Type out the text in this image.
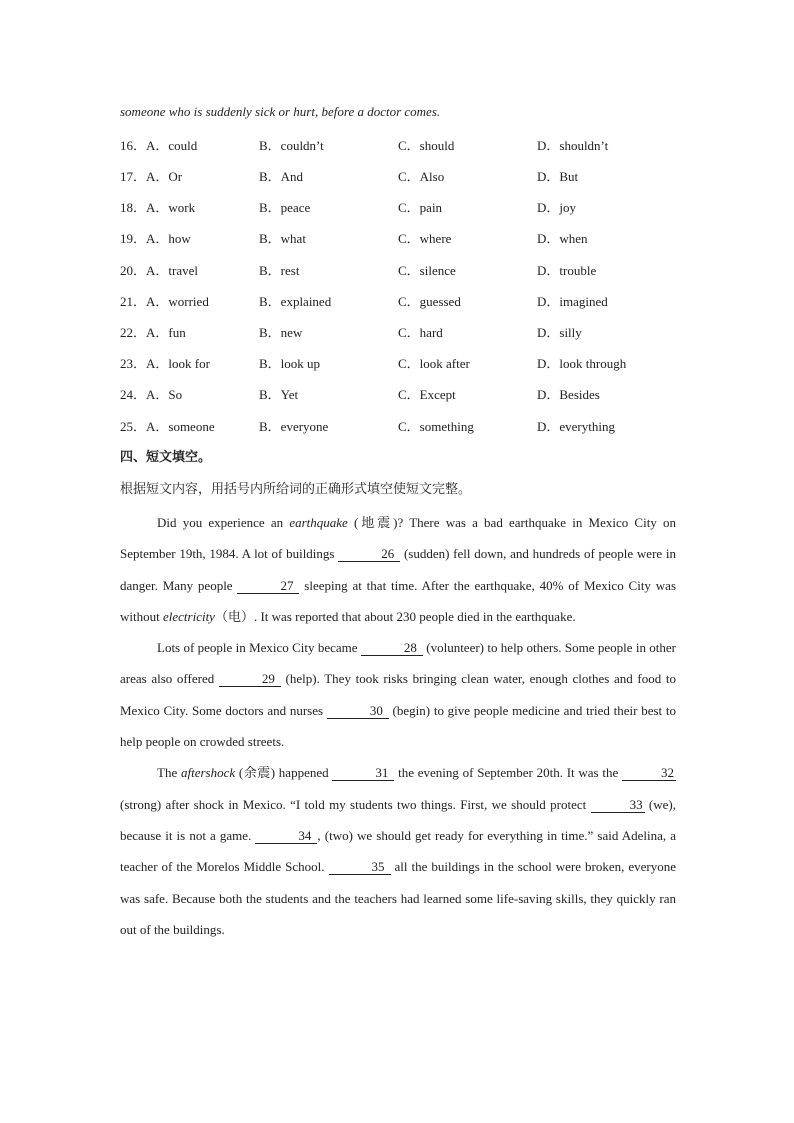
someone who is suddenly sick or hurt, before a doctor comes.
16．A．could	B．couldn’t	C．should	D．shouldn’t
17．A．Or	B．And	C．Also	D．But
18．A．work	B．peace	C．pain	D．joy
19．A．how	B．what	C．where	D．when
20．A．travel	B．rest	C．silence	D．trouble
21．A．worried	B．explained	C．guessed	D．imagined
22．A．fun	B．new	C．hard	D．silly
23．A．look for	B．look up	C．look after	D．look through
24．A．So	B．Yet	C．Except	D．Besides
25．A．someone	B．everyone	C．something	D．everything
四、短文填空。
根据短文内容，用括号内所给词的正确形式填空使短文完整。

Did you experience an earthquake (地震)? There was a bad earthquake in Mexico City on September 19th, 1984. A lot of buildings	26 (sudden) fell down, and hundreds of people were in danger. Many people	27 sleeping at that time. After the earthquake, 40% of Mexico City was without electricity（电）. It was reported that about 230 people died in the earthquake.

Lots of people in Mexico City became	28 (volunteer) to help others. Some people in other areas also offered	29 (help). They took risks bringing clean water, enough clothes and food to Mexico City. Some doctors and nurses	30 (begin) to give people medicine and tried their best to help people on crowded streets.

The aftershock (余震) happened	31 the evening of September 20th. It was the	32 (strong) after shock in Mexico. “I told my students two things. First, we should protect	33 (we), because it is not a game.	34 , (two) we should get ready for everything in time.” said Adelina, a teacher of the Morelos Middle School.	35 all the buildings in the school were broken, everyone was safe. Because both the students and the teachers had learned some life-saving skills, they quickly ran out of the buildings.
